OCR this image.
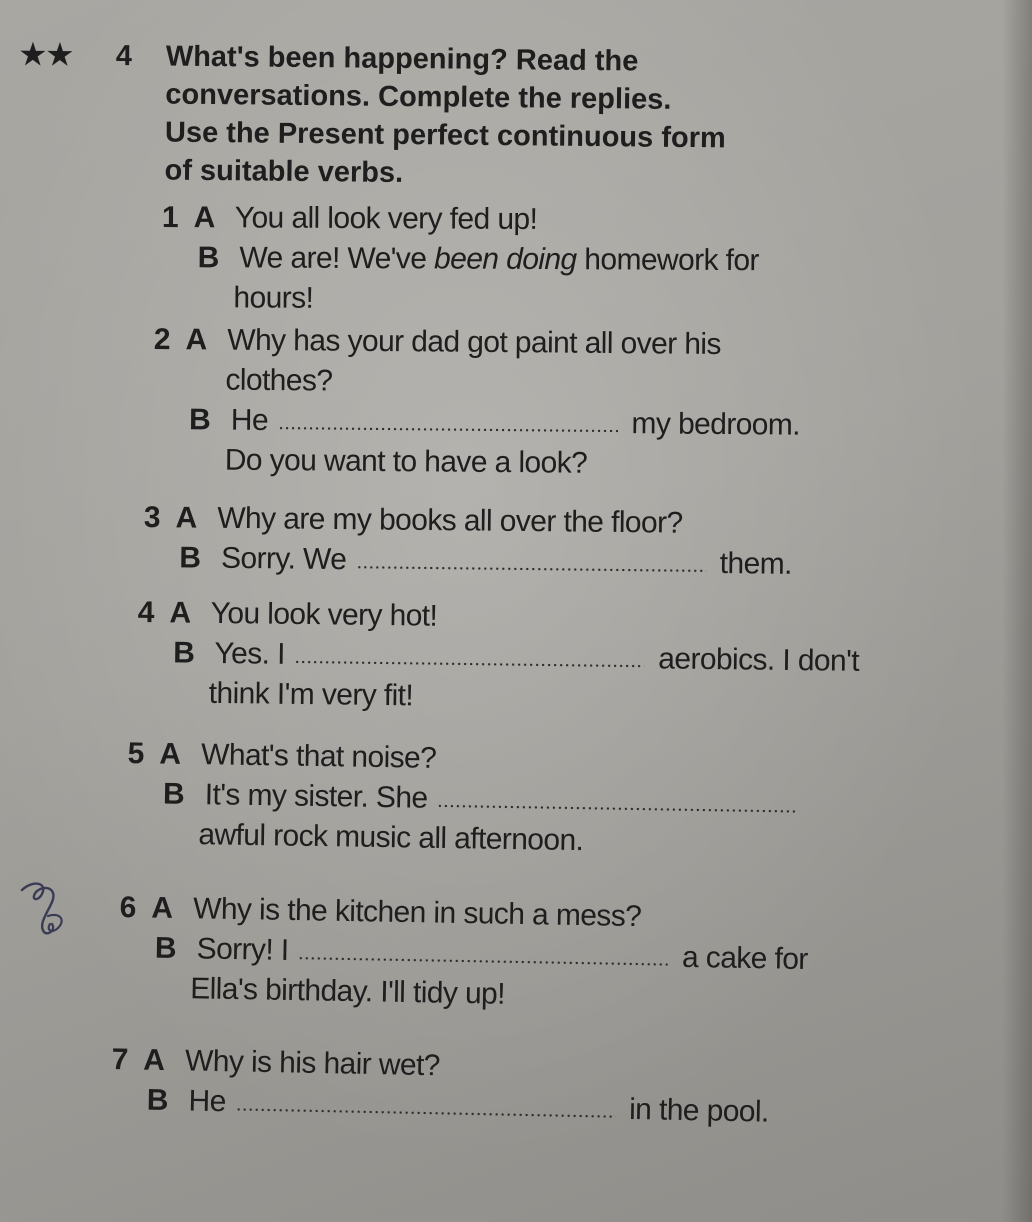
★★ 4 What's been happening? Read the
conversations. Complete the replies.
Use the Present perfect continuous form
of suitable verbs.
1 A You all look very fed up!
B We are! We've been doing homework for
hours!
2 A Why has your dad got paint all over his
clothes?
B He	my bedroom.
Do you want to have a look?
3 A Why are my books all over the floor?
B Sorry. We	them.
4 A You look very hot!
B Yes. I	aerobics. I don't
think I'm very fit!
5 A What's that noise?
B It's my sister. She
awful rock music all afternoon.
6 A Why is the kitchen in such a mess?
B Sorry! I	a cake for
Ella's birthday. I'll tidy up!
7 A Why is his hair wet?
B He	in the pool.
